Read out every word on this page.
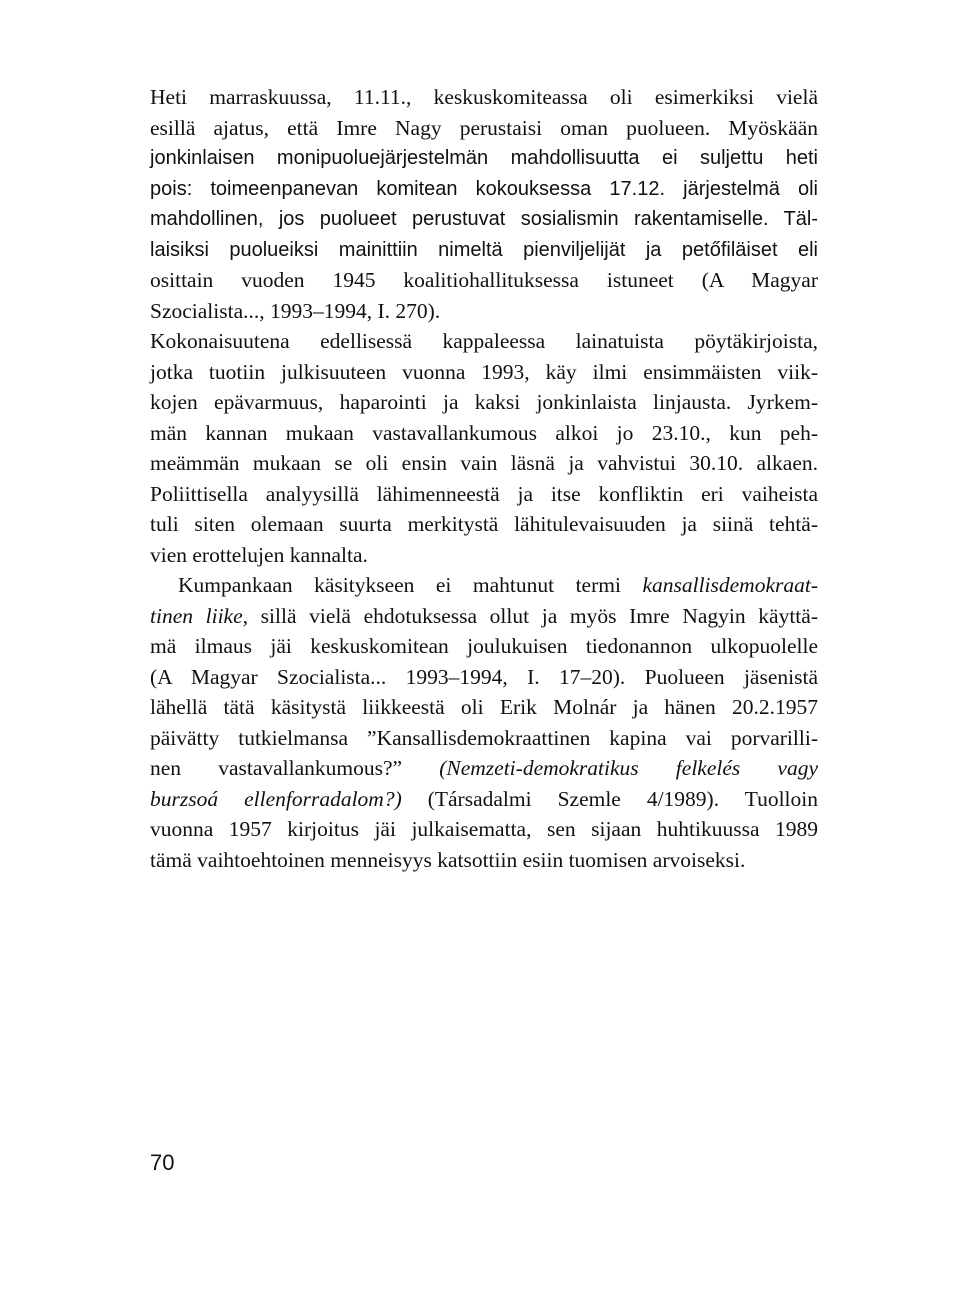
Heti marraskuussa, 11.11., keskuskomiteassa oli esimerkiksi vielä
esillä ajatus, että Imre Nagy perustaisi oman puolueen. Myöskään
jonkinlaisen monipuoluejärjestelmän mahdollisuutta ei suljettu heti
pois: toimeenpanevan komitean kokouksessa 17.12. järjestelmä oli
mahdollinen, jos puolueet perustuvat sosialismin rakentamiselle. Täl-
laisiksi puolueiksi mainittiin nimeltä pienviljelijät ja petőfiläiset eli
osittain vuoden 1945 koalitiohallituksessa istuneet (A Magyar
Szocialista..., 1993–1994, I. 270).
Kokonaisuutena edellisessä kappaleessa lainatuista pöytäkirjoista,
jotka tuotiin julkisuuteen vuonna 1993, käy ilmi ensimmäisten viik-
kojen epävarmuus, haparointi ja kaksi jonkinlaista linjausta. Jyrkem-
män kannan mukaan vastavallankumous alkoi jo 23.10., kun peh-
meämmän mukaan se oli ensin vain läsnä ja vahvistui 30.10. alkaen.
Poliittisella analyysillä lähimenneestä ja itse konfliktin eri vaiheista
tuli siten olemaan suurta merkitystä lähitulevaisuuden ja siinä tehtä-
vien erottelujen kannalta.
Kumpankaan käsitykseen ei mahtunut termi kansallisdemokraat-
tinen liike, sillä vielä ehdotuksessa ollut ja myös Imre Nagyin käyttä-
mä ilmaus jäi keskuskomitean joulukuisen tiedonannon ulkopuolelle
(A Magyar Szocialista... 1993–1994, I. 17–20). Puolueen jäsenistä
lähellä tätä käsitystä liikkeestä oli Erik Molnár ja hänen 20.2.1957
päivätty tutkielmansa ”Kansallisdemokraattinen kapina vai porvarilli-
nen vastavallankumous?” (Nemzeti-demokratikus felkelés vagy
burzsoá ellenforradalom?) (Társadalmi Szemle 4/1989). Tuolloin
vuonna 1957 kirjoitus jäi julkaisematta, sen sijaan huhtikuussa 1989
tämä vaihtoehtoinen menneisyys katsottiin esiin tuomisen arvoiseksi.
70
